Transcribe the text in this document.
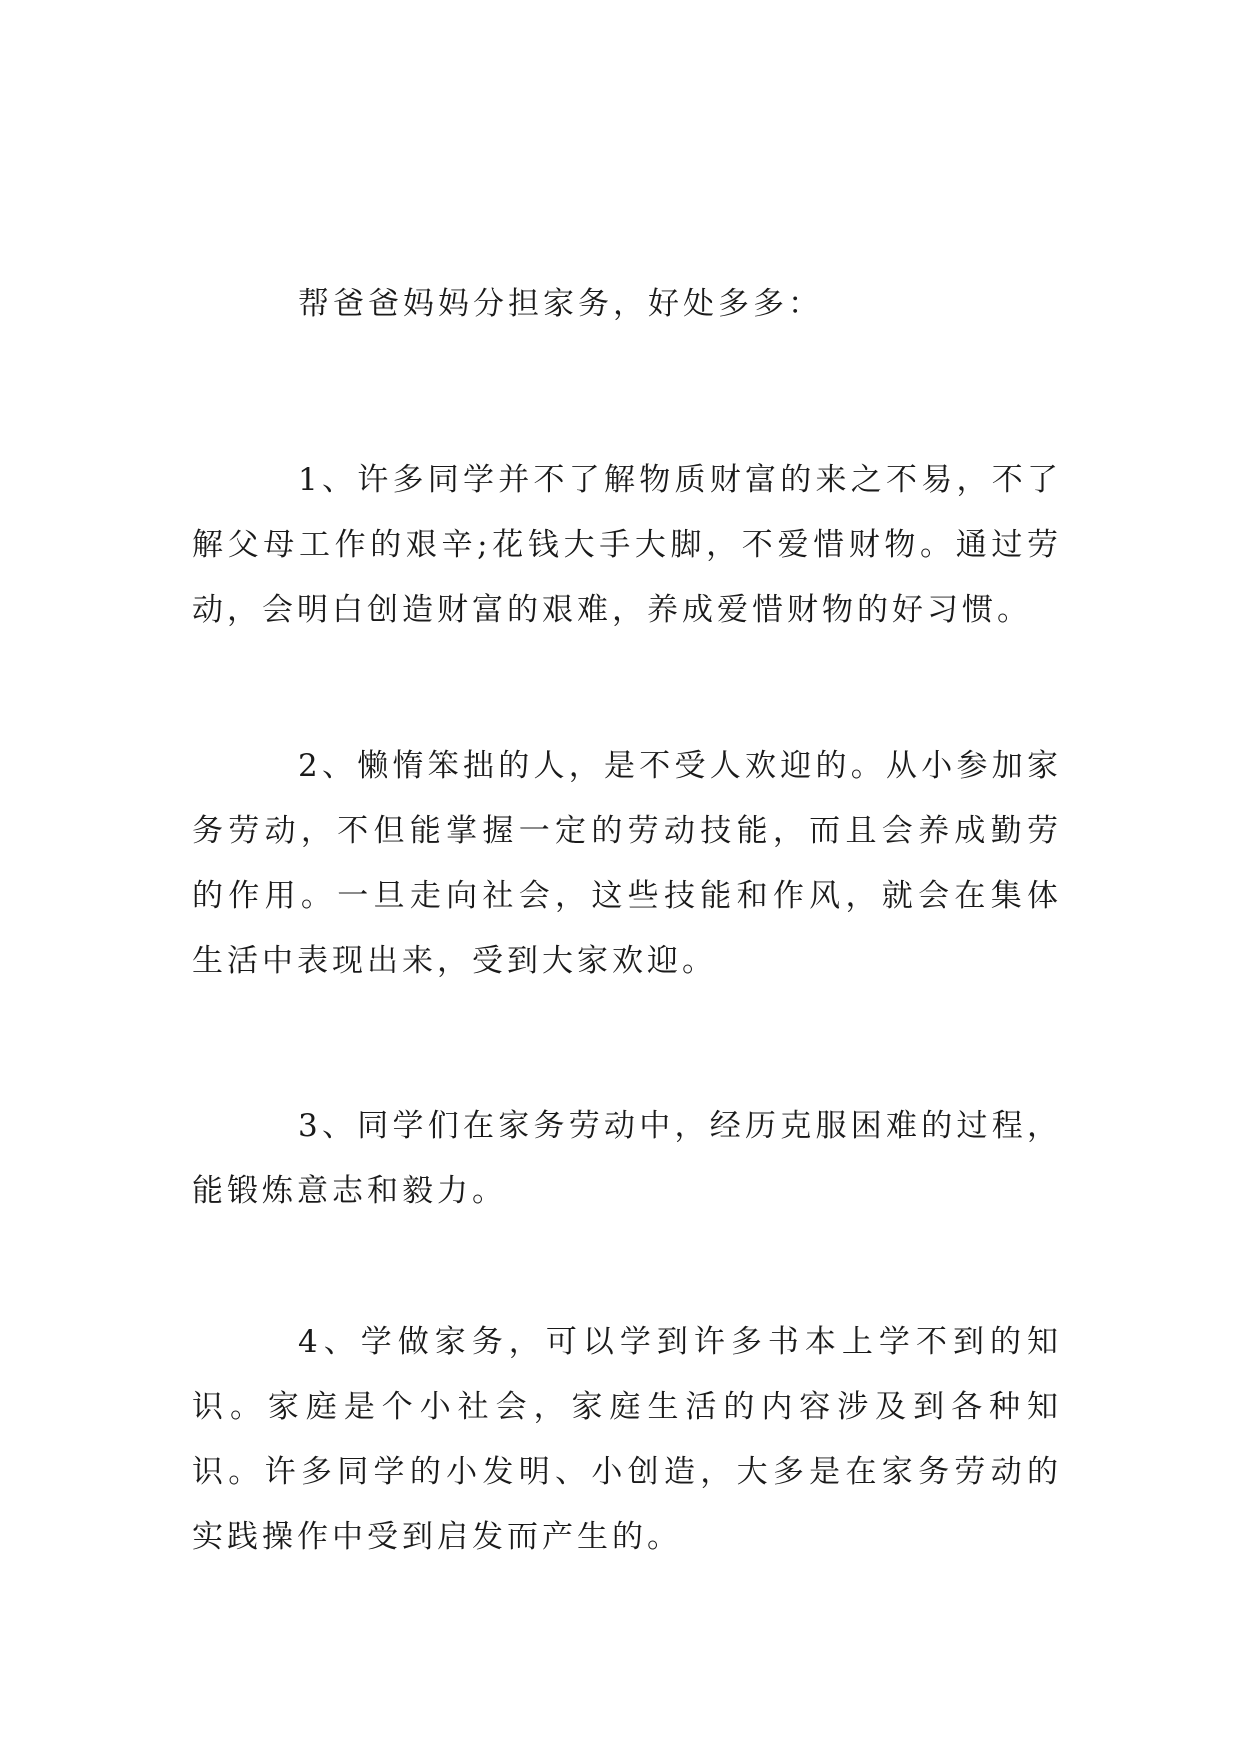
帮爸爸妈妈分担家务，好处多多：

1、许多同学并不了解物质财富的来之不易，不了解父母工作的艰辛;花钱大手大脚，不爱惜财物。通过劳动，会明白创造财富的艰难，养成爱惜财物的好习惯。

2、懒惰笨拙的人，是不受人欢迎的。从小参加家务劳动，不但能掌握一定的劳动技能，而且会养成勤劳的作用。一旦走向社会，这些技能和作风，就会在集体生活中表现出来，受到大家欢迎。

3、同学们在家务劳动中，经历克服困难的过程，能锻炼意志和毅力。

4、学做家务，可以学到许多书本上学不到的知识。家庭是个小社会，家庭生活的内容涉及到各种知识。许多同学的小发明、小创造，大多是在家务劳动的实践操作中受到启发而产生的。
